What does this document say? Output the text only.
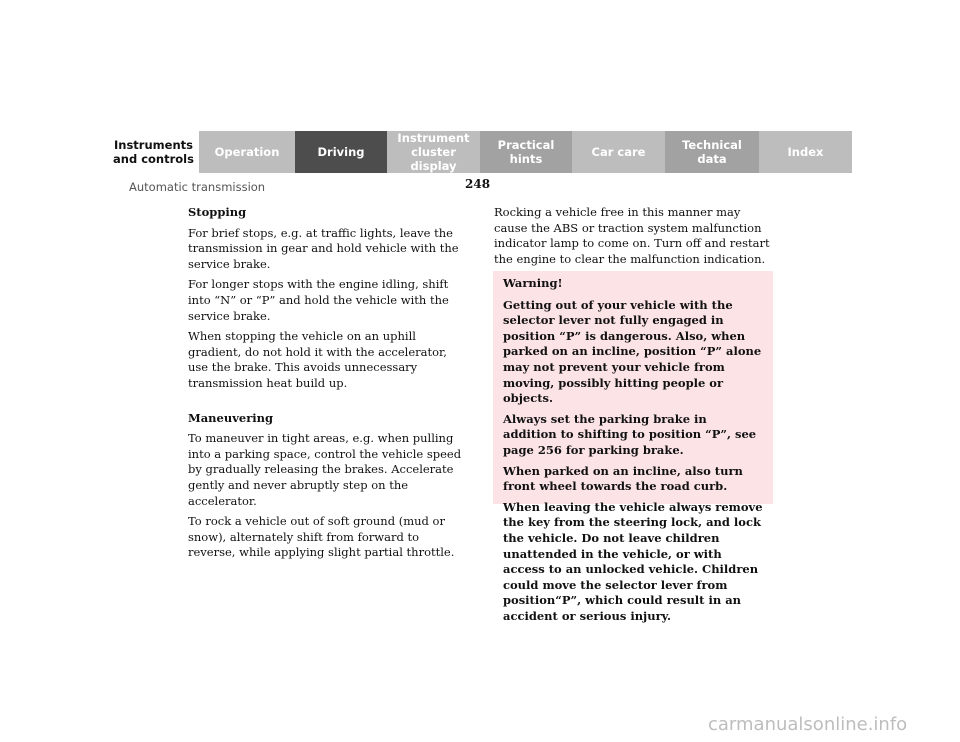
Instruments
and controls	Operation	Driving
Instrument
cluster display
Practical hints	Car care	Technical
data	Index
248
Automatic transmission
Stopping

For brief stops, e.g. at traffic lights, leave the transmission in gear and hold vehicle with the service brake.

For longer stops with the engine idling, shift into “N” or “P” and hold the vehicle with the service brake.

When stopping the vehicle on an uphill gradient, do not hold it with the accelerator, use the brake. This avoids unnecessary transmission heat build up.

Maneuvering

To maneuver in tight areas, e.g. when pulling into a parking space, control the vehicle speed by gradually releasing the brakes. Accelerate gently and never abruptly step on the accelerator.

To rock a vehicle out of soft ground (mud or snow), alternately shift from forward to reverse, while applying slight partial throttle.

Rocking a vehicle free in this manner may cause the ABS or traction system malfunction indicator lamp to come on. Turn off and restart the engine to clear the malfunction indication.

Warning!

Getting out of your vehicle with the selector lever not fully engaged in position “P” is dangerous. Also, when parked on an incline, position “P” alone may not prevent your vehicle from moving, possibly hitting people or objects.

Always set the parking brake in addition to shifting to position “P”, see page 256 for parking brake.

When parked on an incline, also turn front wheel towards the road curb.

When leaving the vehicle always remove the key from the steering lock, and lock the vehicle. Do not leave children unattended in the vehicle, or with access to an unlocked vehicle. Children could move the selector lever from position“P”, which could result in an accident or serious injury.

carmanualsonline.info
